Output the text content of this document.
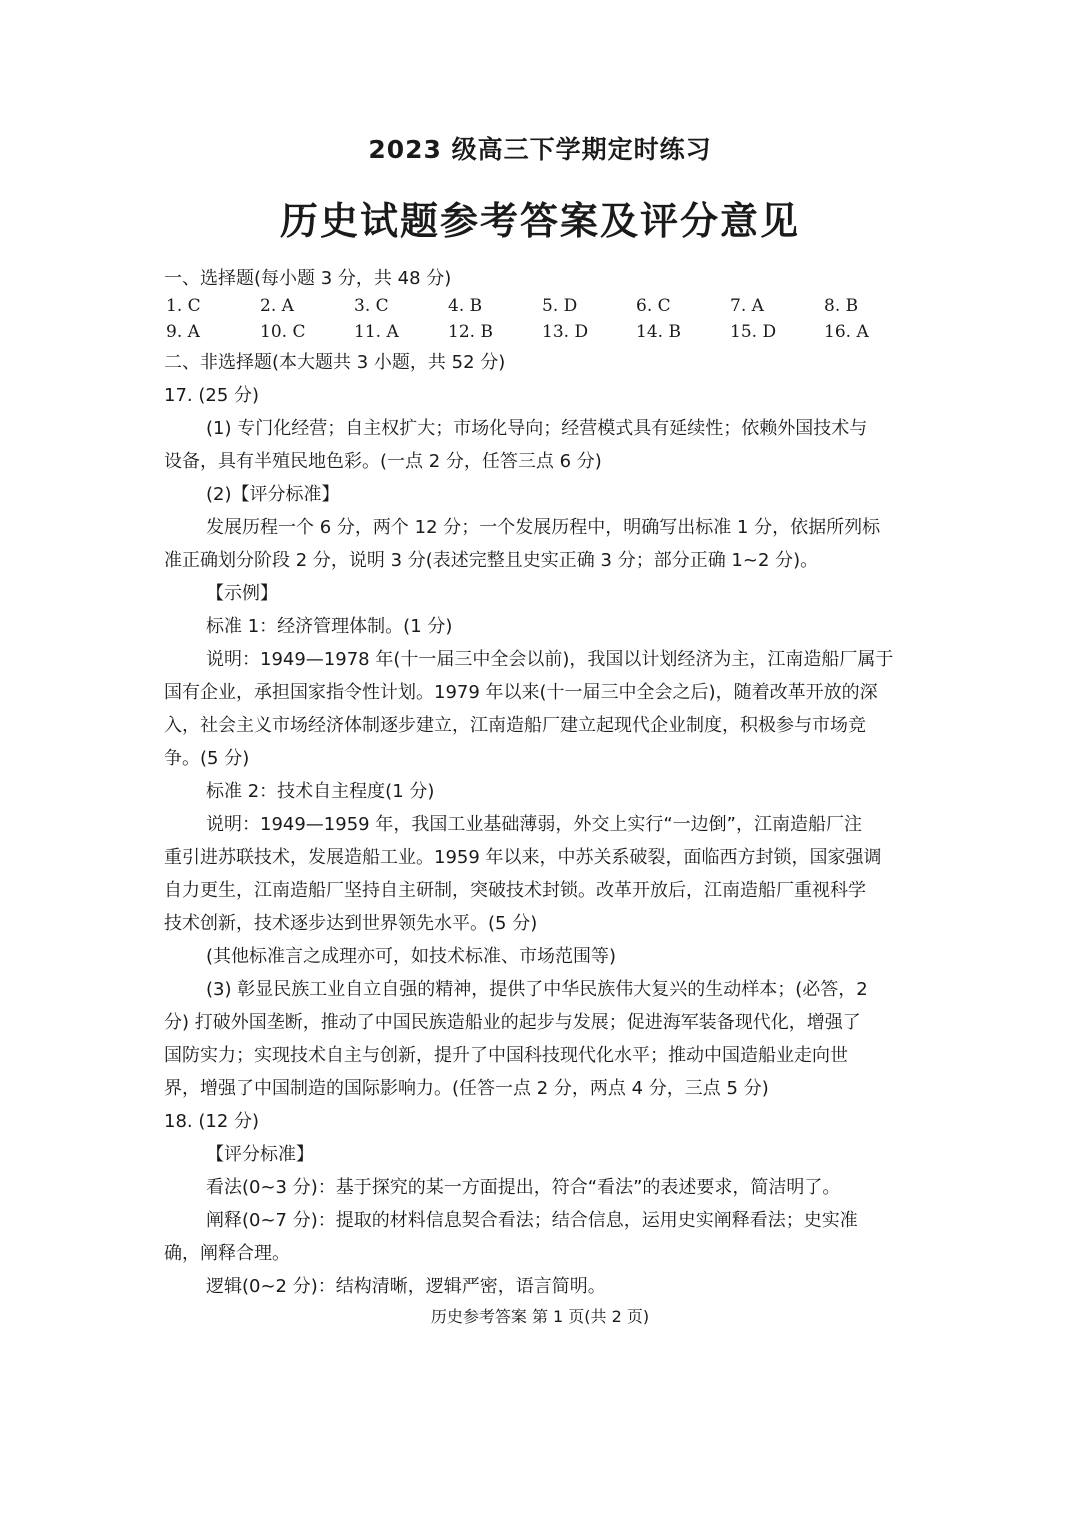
2023 级高三下学期定时练习
历史试题参考答案及评分意见
一、选择题(每小题 3 分，共 48 分)
1. C	2. A	3. C	4. B	5. D	6. C	7. A	8. B
9. A	10. C	11. A	12. B	13. D	14. B	15. D	16. A
二、非选择题(本大题共 3 小题，共 52 分)
17. (25 分)
(1) 专门化经营；自主权扩大；市场化导向；经营模式具有延续性；依赖外国技术与
设备，具有半殖民地色彩。(一点 2 分，任答三点 6 分)
(2)【评分标准】
发展历程一个 6 分，两个 12 分；一个发展历程中，明确写出标准 1 分，依据所列标
准正确划分阶段 2 分，说明 3 分(表述完整且史实正确 3 分；部分正确 1~2 分)。
【示例】
标准 1：经济管理体制。(1 分)
说明：1949—1978 年(十一届三中全会以前)，我国以计划经济为主，江南造船厂属于
国有企业，承担国家指令性计划。1979 年以来(十一届三中全会之后)，随着改革开放的深
入，社会主义市场经济体制逐步建立，江南造船厂建立起现代企业制度，积极参与市场竞
争。(5 分)
标准 2：技术自主程度(1 分)
说明：1949—1959 年，我国工业基础薄弱，外交上实行“一边倒”，江南造船厂注
重引进苏联技术，发展造船工业。1959 年以来，中苏关系破裂，面临西方封锁，国家强调
自力更生，江南造船厂坚持自主研制，突破技术封锁。改革开放后，江南造船厂重视科学
技术创新，技术逐步达到世界领先水平。(5 分)
(其他标准言之成理亦可，如技术标准、市场范围等)
(3) 彰显民族工业自立自强的精神，提供了中华民族伟大复兴的生动样本；(必答，2
分) 打破外国垄断，推动了中国民族造船业的起步与发展；促进海军装备现代化，增强了
国防实力；实现技术自主与创新，提升了中国科技现代化水平；推动中国造船业走向世
界，增强了中国制造的国际影响力。(任答一点 2 分，两点 4 分，三点 5 分)
18. (12 分)
【评分标准】
看法(0~3 分)：基于探究的某一方面提出，符合“看法”的表述要求，简洁明了。
阐释(0~7 分)：提取的材料信息契合看法；结合信息，运用史实阐释看法；史实准
确，阐释合理。
逻辑(0~2 分)：结构清晰，逻辑严密，语言简明。
历史参考答案 第 1 页(共 2 页)
